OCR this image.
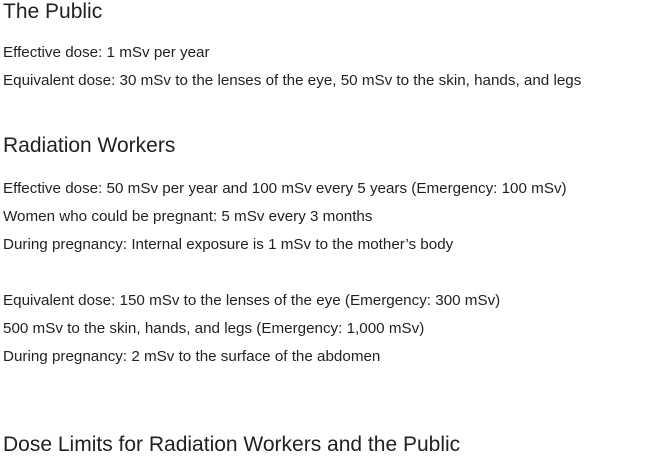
The Public

Effective dose: 1 mSv per year

Equivalent dose: 30 mSv to the lenses of the eye, 50 mSv to the skin, hands, and legs

Radiation Workers

Effective dose: 50 mSv per year and 100 mSv every 5 years (Emergency: 100 mSv)

Women who could be pregnant: 5 mSv every 3 months

During pregnancy: Internal exposure is 1 mSv to the mother’s body

Equivalent dose: 150 mSv to the lenses of the eye (Emergency: 300 mSv)

500 mSv to the skin, hands, and legs (Emergency: 1,000 mSv)

During pregnancy: 2 mSv to the surface of the abdomen

Dose Limits for Radiation Workers and the Public
